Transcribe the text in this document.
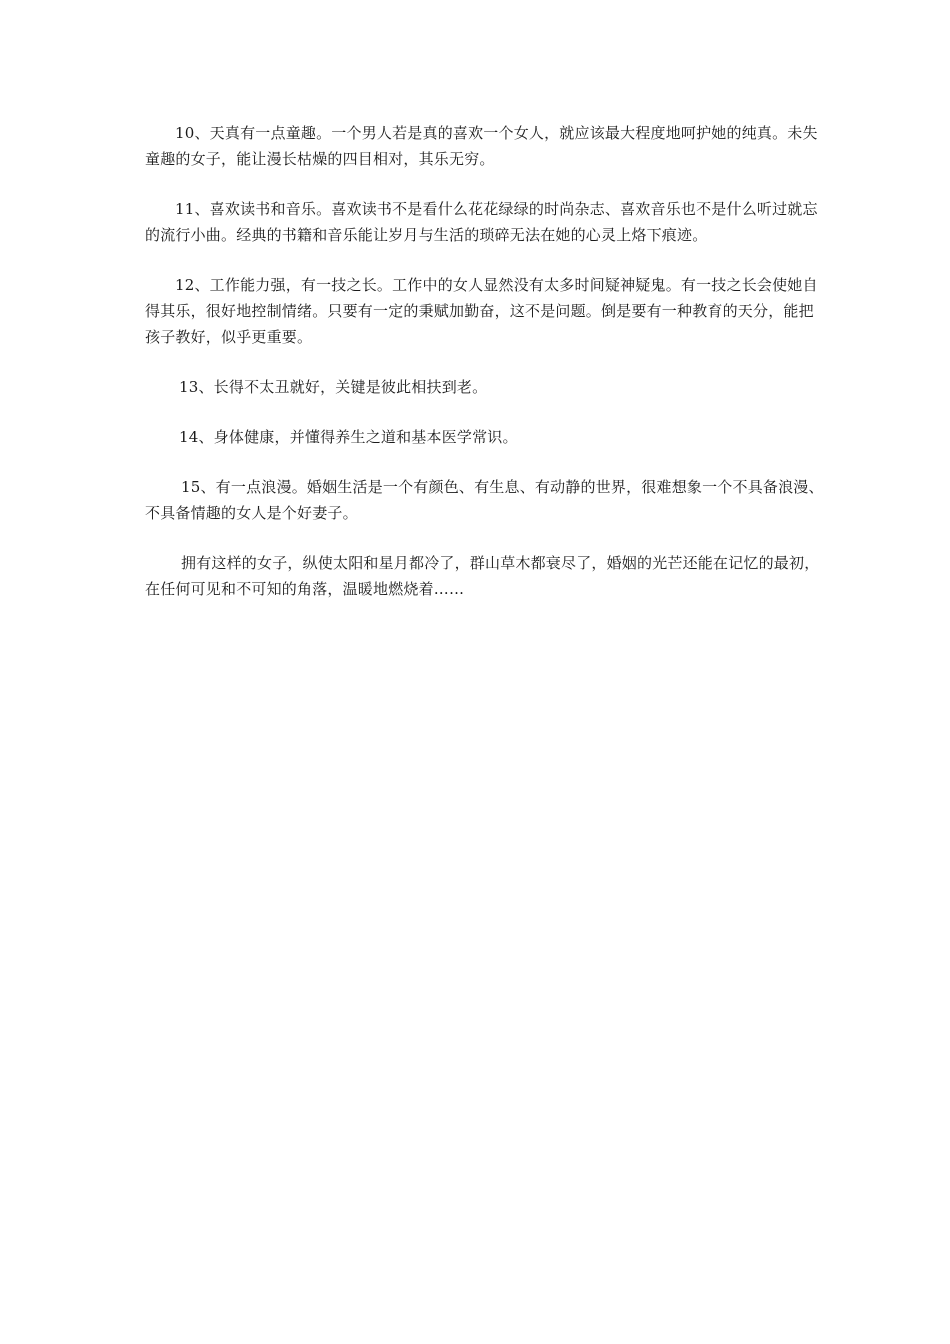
10、天真有一点童趣。一个男人若是真的喜欢一个女人，就应该最大程度地呵护她的纯真。未失童趣的女子，能让漫长枯燥的四目相对，其乐无穷。

11、喜欢读书和音乐。喜欢读书不是看什么花花绿绿的时尚杂志、喜欢音乐也不是什么听过就忘的流行小曲。经典的书籍和音乐能让岁月与生活的琐碎无法在她的心灵上烙下痕迹。

12、工作能力强，有一技之长。工作中的女人显然没有太多时间疑神疑鬼。有一技之长会使她自得其乐，很好地控制情绪。只要有一定的秉赋加勤奋，这不是问题。倒是要有一种教育的天分，能把孩子教好，似乎更重要。

13、长得不太丑就好，关键是彼此相扶到老。

14、身体健康，并懂得养生之道和基本医学常识。

15、有一点浪漫。婚姻生活是一个有颜色、有生息、有动静的世界，很难想象一个不具备浪漫、不具备情趣的女人是个好妻子。

拥有这样的女子，纵使太阳和星月都冷了，群山草木都衰尽了，婚姻的光芒还能在记忆的最初，在任何可见和不可知的角落，温暖地燃烧着……
